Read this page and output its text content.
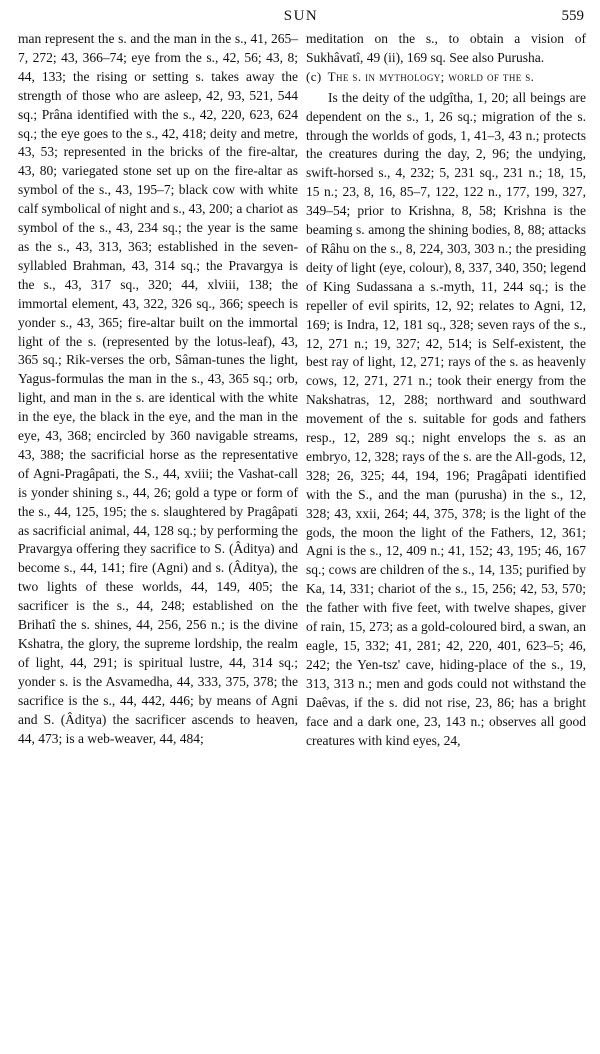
SUN	559

man represent the s. and the man in the s., 41, 265–7, 272; 43, 366–74; eye from the s., 42, 56; 43, 8; 44, 133; the rising or setting s. takes away the strength of those who are asleep, 42, 93, 521, 544 sq.; Prâna identified with the s., 42, 220, 623, 624 sq.; the eye goes to the s., 42, 418; deity and metre, 43, 53; represented in the bricks of the fire-altar, 43, 80; variegated stone set up on the fire-altar as symbol of the s., 43, 195–7; black cow with white calf symbolical of night and s., 43, 200; a chariot as symbol of the s., 43, 234 sq.; the year is the same as the s., 43, 313, 363; established in the seven-syllabled Brahman, 43, 314 sq.; the Pravargya is the s., 43, 317 sq., 320; 44, xlviii, 138; the immortal element, 43, 322, 326 sq., 366; speech is yonder s., 43, 365; fire-altar built on the immortal light of the s. (represented by the lotus-leaf), 43, 365 sq.; Rik-verses the orb, Sâman-tunes the light, Yagus-formulas the man in the s., 43, 365 sq.; orb, light, and man in the s. are identical with the white in the eye, the black in the eye, and the man in the eye, 43, 368; encircled by 360 navigable streams, 43, 388; the sacrificial horse as the representative of Agni-Pragâpati, the S., 44, xviii; the Vashat-call is yonder shining s., 44, 26; gold a type or form of the s., 44, 125, 195; the s. slaughtered by Pragâpati as sacrificial animal, 44, 128 sq.; by performing the Pravargya offering they sacrifice to S. (Âditya) and become s., 44, 141; fire (Agni) and s. (Âditya), the two lights of these worlds, 44, 149, 405; the sacrificer is the s., 44, 248; established on the Brihatî the s. shines, 44, 256, 256 n.; is the divine Kshatra, the glory, the supreme lordship, the realm of light, 44, 291; is spiritual lustre, 44, 314 sq.; yonder s. is the Asvamedha, 44, 333, 375, 378; the sacrifice is the s., 44, 442, 446; by means of Agni and S. (Âditya) the sacrificer ascends to heaven, 44, 473; is a web-weaver, 44, 484;

meditation on the s., to obtain a vision of Sukhâvatî, 49 (ii), 169 sq. See also Purusha.

(c) The s. in mythology; world of the s.

Is the deity of the udgîtha, 1, 20; all beings are dependent on the s., 1, 26 sq.; migration of the s. through the worlds of gods, 1, 41–3, 43 n.; protects the creatures during the day, 2, 96; the undying, swift-horsed s., 4, 232; 5, 231 sq., 231 n.; 18, 15, 15 n.; 23, 8, 16, 85–7, 122, 122 n., 177, 199, 327, 349–54; prior to Krishna, 8, 58; Krishna is the beaming s. among the shining bodies, 8, 88; attacks of Râhu on the s., 8, 224, 303, 303 n.; the presiding deity of light (eye, colour), 8, 337, 340, 350; legend of King Sudassana a s.-myth, 11, 244 sq.; is the repeller of evil spirits, 12, 92; relates to Agni, 12, 169; is Indra, 12, 181 sq., 328; seven rays of the s., 12, 271 n.; 19, 327; 42, 514; is Self-existent, the best ray of light, 12, 271; rays of the s. as heavenly cows, 12, 271, 271 n.; took their energy from the Nakshatras, 12, 288; northward and southward movement of the s. suitable for gods and fathers resp., 12, 289 sq.; night envelops the s. as an embryo, 12, 328; rays of the s. are the All-gods, 12, 328; 26, 325; 44, 194, 196; Pragâpati identified with the S., and the man (purusha) in the s., 12, 328; 43, xxii, 264; 44, 375, 378; is the light of the gods, the moon the light of the Fathers, 12, 361; Agni is the s., 12, 409 n.; 41, 152; 43, 195; 46, 167 sq.; cows are children of the s., 14, 135; purified by Ka, 14, 331; chariot of the s., 15, 256; 42, 53, 570; the father with five feet, with twelve shapes, giver of rain, 15, 273; as a gold-coloured bird, a swan, an eagle, 15, 332; 41, 281; 42, 220, 401, 623–5; 46, 242; the Yen-tsz' cave, hiding-place of the s., 19, 313, 313 n.; men and gods could not withstand the Daêvas, if the s. did not rise, 23, 86; has a bright face and a dark one, 23, 143 n.; observes all good creatures with kind eyes, 24,
